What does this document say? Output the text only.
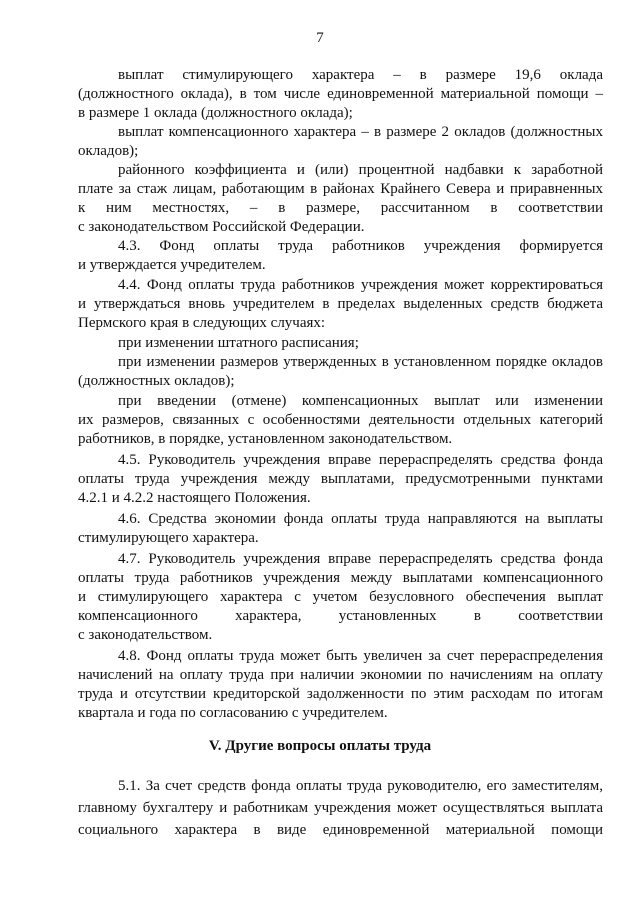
7
выплат стимулирующего характера – в размере 19,6 оклада
(должностного оклада), в том числе единовременной материальной помощи –
в размере 1 оклада (должностного оклада);
выплат компенсационного характера – в размере 2 окладов (должностных
окладов);
районного коэффициента и (или) процентной надбавки к заработной
плате за стаж лицам, работающим в районах Крайнего Севера и приравненных
к ним местностях, – в размере, рассчитанном в соответствии
с законодательством Российской Федерации.
4.3. Фонд оплаты труда работников учреждения формируется
и утверждается учредителем.
4.4. Фонд оплаты труда работников учреждения может корректироваться
и утверждаться вновь учредителем в пределах выделенных средств бюджета
Пермского края в следующих случаях:
при изменении штатного расписания;
при изменении размеров утвержденных в установленном порядке окладов
(должностных окладов);
при введении (отмене) компенсационных выплат или изменении
их размеров, связанных с особенностями деятельности отдельных категорий
работников, в порядке, установленном законодательством.
4.5. Руководитель учреждения вправе перераспределять средства фонда
оплаты труда учреждения между выплатами, предусмотренными пунктами
4.2.1 и 4.2.2 настоящего Положения.
4.6. Средства экономии фонда оплаты труда направляются на выплаты
стимулирующего характера.
4.7. Руководитель учреждения вправе перераспределять средства фонда
оплаты труда работников учреждения между выплатами компенсационного
и стимулирующего характера с учетом безусловного обеспечения выплат
компенсационного характера, установленных в соответствии
с законодательством.
4.8. Фонд оплаты труда может быть увеличен за счет перераспределения
начислений на оплату труда при наличии экономии по начислениям на оплату
труда и отсутствии кредиторской задолженности по этим расходам по итогам
квартала и года по согласованию с учредителем.
V. Другие вопросы оплаты труда
5.1. За счет средств фонда оплаты труда руководителю, его заместителям,
главному бухгалтеру и работникам учреждения может осуществляться выплата
социального характера в виде единовременной материальной помощи
